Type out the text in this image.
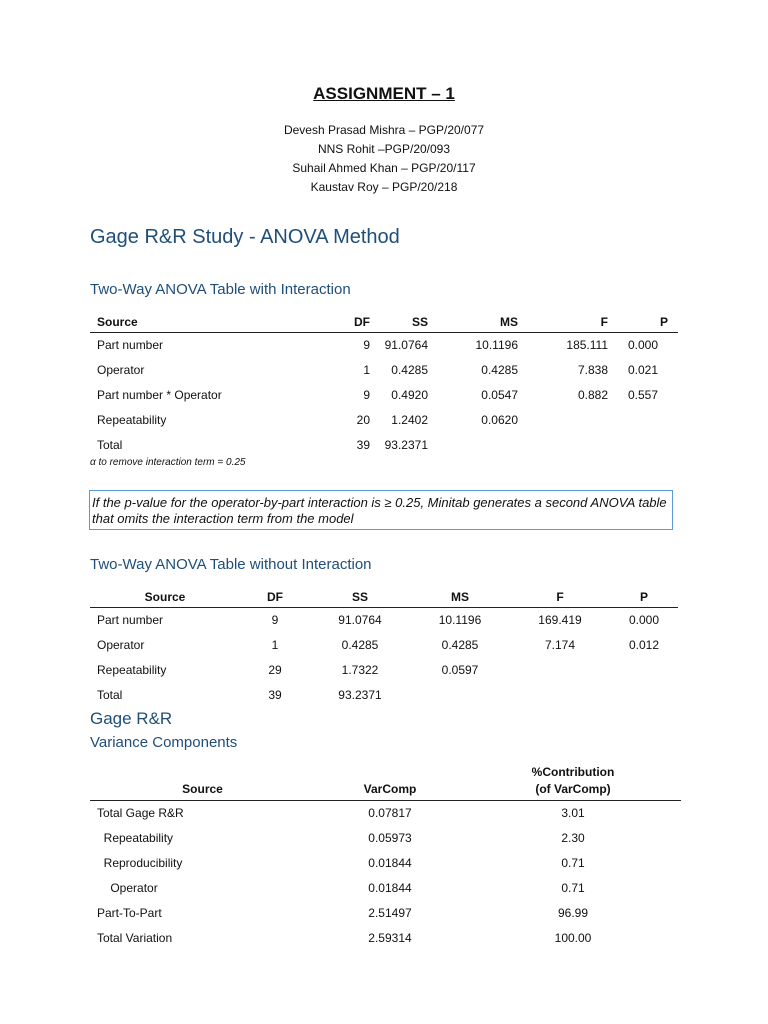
ASSIGNMENT – 1
Devesh Prasad Mishra – PGP/20/077
NNS Rohit –PGP/20/093
Suhail Ahmed Khan – PGP/20/117
Kaustav Roy – PGP/20/218
Gage R&R Study - ANOVA Method
Two-Way ANOVA Table with Interaction
Source	DF	SS	MS	F	P
Part number	9	91.0764	10.1196	185.111	0.000
Operator	1	0.4285	0.4285	7.838	0.021
Part number * Operator	9	0.4920	0.0547	0.882	0.557
Repeatability	20	1.2402	0.0620		
Total	39	93.2371			
α to remove interaction term = 0.25
If the p-value for the operator-by-part interaction is ≥ 0.25, Minitab generates a second ANOVA table that omits the interaction term from the model
Two-Way ANOVA Table without Interaction
Source	DF	SS	MS	F	P
Part number	9	91.0764	10.1196	169.419	0.000
Operator	1	0.4285	0.4285	7.174	0.012
Repeatability	29	1.7322	0.0597		
Total	39	93.2371			
Gage R&R
Variance Components
Source	VarComp	%Contribution
(of VarComp)

Total Gage R&R	0.07817	3.01
Repeatability	0.05973	2.30
Reproducibility	0.01844	0.71
Operator	0.01844	0.71
Part-To-Part	2.51497	96.99
Total Variation	2.59314	100.00
